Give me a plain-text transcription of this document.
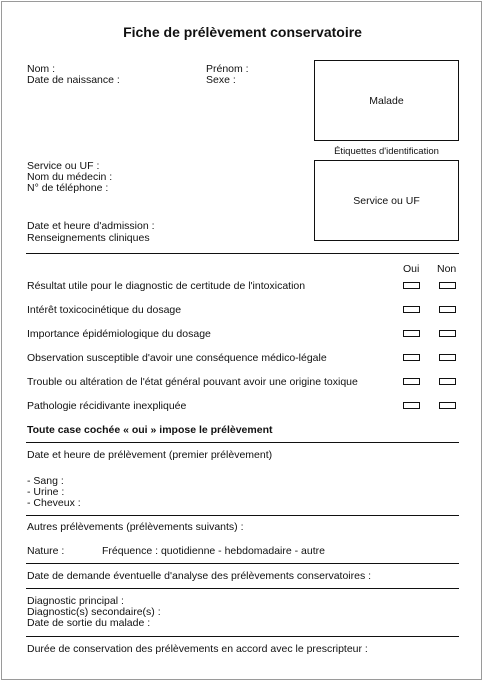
Fiche de prélèvement conservatoire
Nom :
Date de naissance :
Prénom :
Sexe :
Malade
Étiquettes d'identification
Service ou UF
Service ou UF :
Nom du médecin :
N° de téléphone :
Date et heure d'admission :
Renseignements cliniques
Oui Non
Résultat utile pour le diagnostic de certitude de l'intoxication
Intérêt toxicocinétique du dosage
Importance épidémiologique du dosage
Observation susceptible d'avoir une conséquence médico-légale
Trouble ou altération de l'état général pouvant avoir une origine toxique
Pathologie récidivante inexpliquée
Toute case cochée « oui » impose le prélèvement
Date et heure de prélèvement (premier prélèvement)
- Sang :
- Urine :
- Cheveux :
Autres prélèvements (prélèvements suivants) :
Nature :	Fréquence : quotidienne - hebdomadaire - autre
Date de demande éventuelle d'analyse des prélèvements conservatoires :
Diagnostic principal :
Diagnostic(s) secondaire(s) :
Date de sortie du malade :
Durée de conservation des prélèvements en accord avec le prescripteur :
